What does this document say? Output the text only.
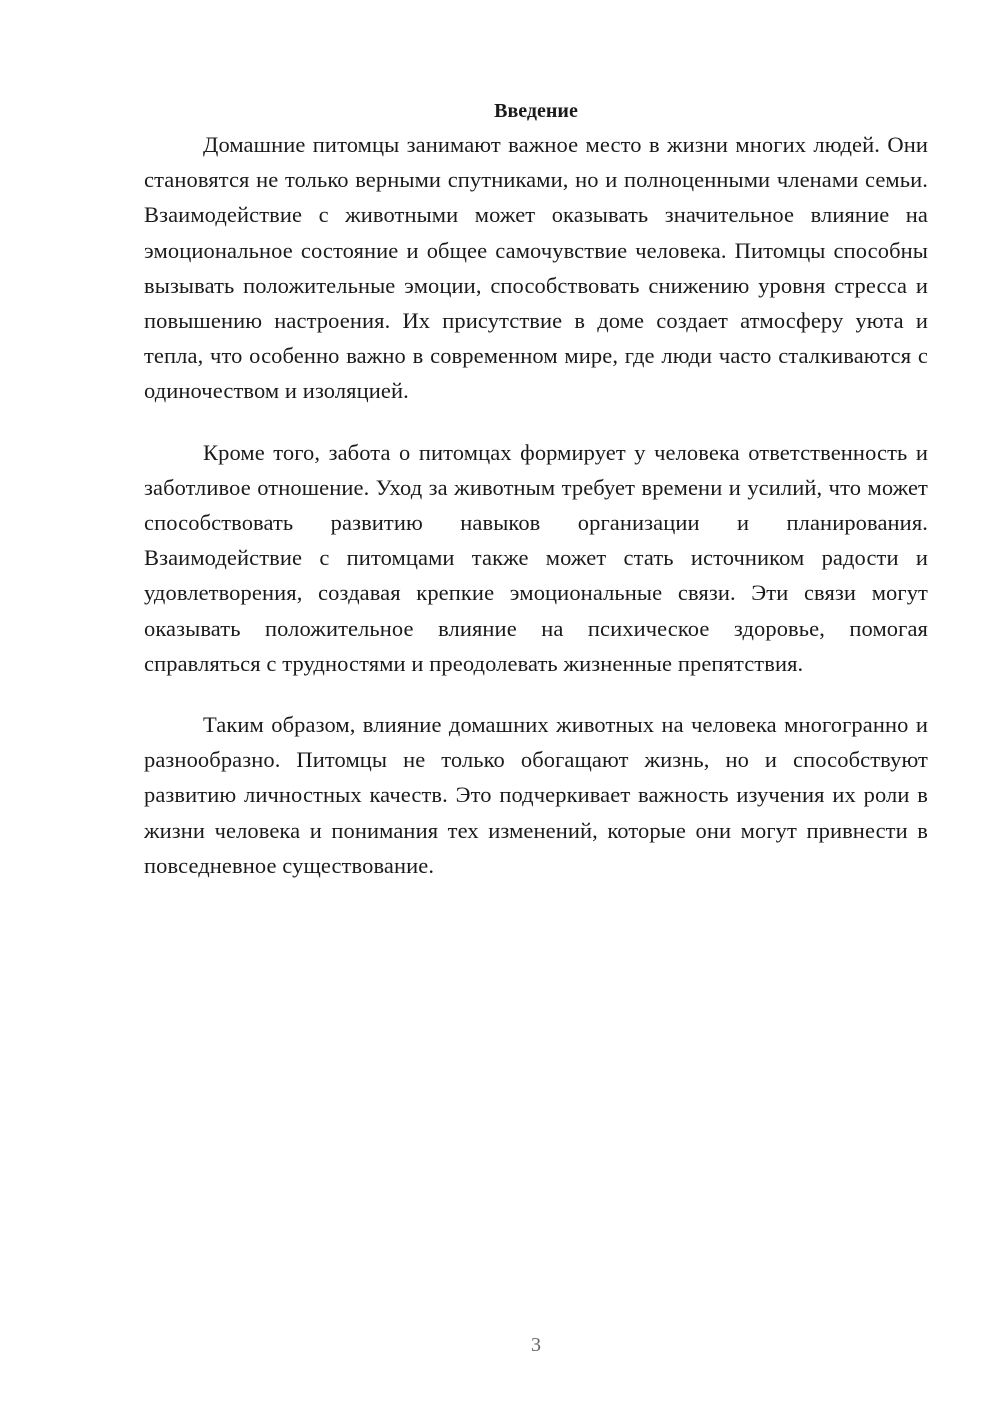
Введение

Домашние питомцы занимают важное место в жизни многих людей. Они становятся не только верными спутниками, но и полноценными членами семьи. Взаимодействие с животными может оказывать значительное влияние на эмоциональное состояние и общее самочувствие человека. Питомцы способны вызывать положительные эмоции, способствовать снижению уровня стресса и повышению настроения. Их присутствие в доме создает атмосферу уюта и тепла, что особенно важно в современном мире, где люди часто сталкиваются с одиночеством и изоляцией.

Кроме того, забота о питомцах формирует у человека ответственность и заботливое отношение. Уход за животным требует времени и усилий, что может способствовать развитию навыков организации и планирования. Взаимодействие с питомцами также может стать источником радости и удовлетворения, создавая крепкие эмоциональные связи. Эти связи могут оказывать положительное влияние на психическое здоровье, помогая справляться с трудностями и преодолевать жизненные препятствия.

Таким образом, влияние домашних животных на человека многогранно и разнообразно. Питомцы не только обогащают жизнь, но и способствуют развитию личностных качеств. Это подчеркивает важность изучения их роли в жизни человека и понимания тех изменений, которые они могут привнести в повседневное существование.

3
